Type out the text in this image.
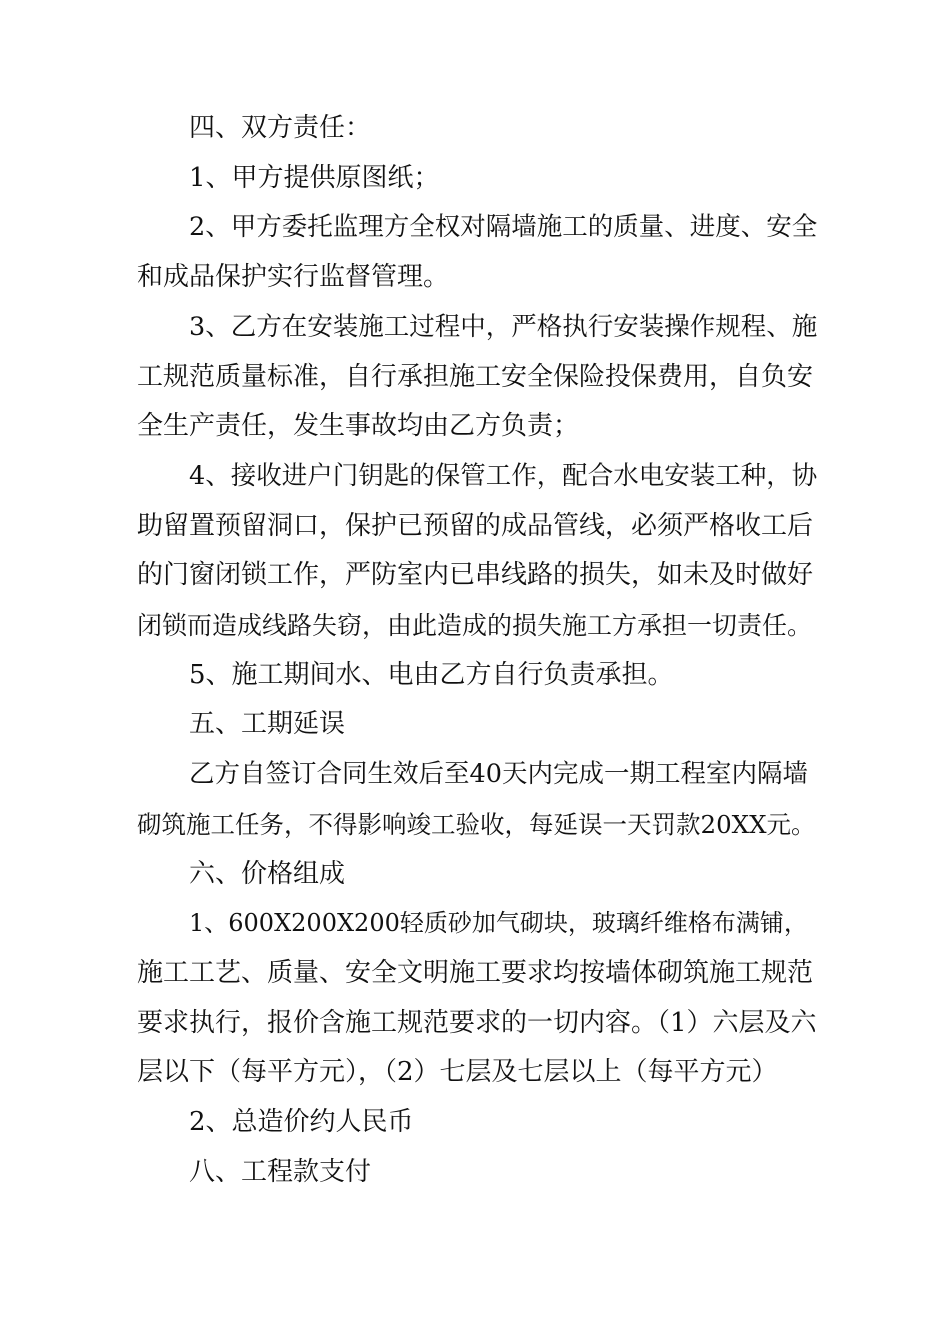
四、双方责任：

1、甲方提供原图纸；

2、甲方委托监理方全权对隔墙施工的质量、进度、安全

和成品保护实行监督管理。

3、乙方在安装施工过程中，严格执行安装操作规程、施

工规范质量标准，自行承担施工安全保险投保费用，自负安

全生产责任，发生事故均由乙方负责；

4、接收进户门钥匙的保管工作，配合水电安装工种，协

助留置预留洞口，保护已预留的成品管线，必须严格收工后

的门窗闭锁工作，严防室内已串线路的损失，如未及时做好

闭锁而造成线路失窃，由此造成的损失施工方承担一切责任。

5、施工期间水、电由乙方自行负责承担。

五、工期延误

乙方自签订合同生效后至40天内完成一期工程室内隔墙

砌筑施工任务，不得影响竣工验收，每延误一天罚款20XX元。

六、价格组成

1、600X200X200轻质砂加气砌块，玻璃纤维格布满铺，

施工工艺、质量、安全文明施工要求均按墙体砌筑施工规范

要求执行，报价含施工规范要求的一切内容。（1）六层及六

层以下（每平方元），（2）七层及七层以上（每平方元）

2、总造价约人民币

八、工程款支付
